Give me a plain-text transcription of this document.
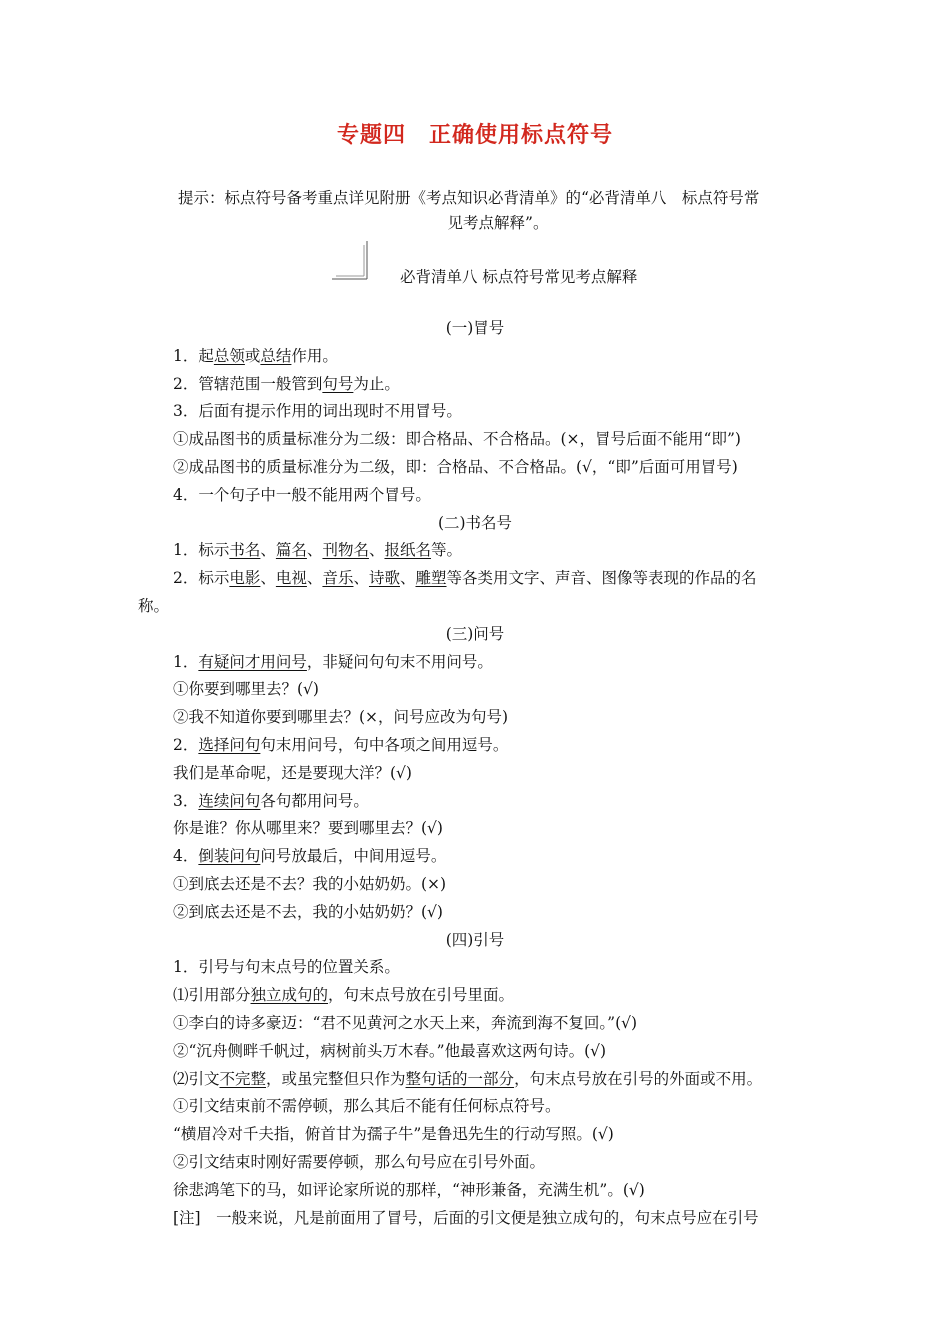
专题四　正确使用标点符号
提示：标点符号备考重点详见附册《考点知识必背清单》的“必背清单八　标点符号常
见考点解释”。
必背清单八 标点符号常见考点解释
(一)冒号
1．起总领或总结作用。
2．管辖范围一般管到句号为止。
3．后面有提示作用的词出现时不用冒号。
①成品图书的质量标准分为二级：即合格品、不合格品。(×，冒号后面不能用“即”)
②成品图书的质量标准分为二级，即：合格品、不合格品。(√，“即”后面可用冒号)
4．一个句子中一般不能用两个冒号。
(二)书名号
1．标示书名、篇名、刊物名、报纸名等。
2．标示电影、电视、音乐、诗歌、雕塑等各类用文字、声音、图像等表现的作品的名
称。
(三)问号
1．有疑问才用问号，非疑问句句末不用问号。
①你要到哪里去？(√)
②我不知道你要到哪里去？(×，问号应改为句号)
2．选择问句句末用问号，句中各项之间用逗号。
我们是革命呢，还是要现大洋？(√)
3．连续问句各句都用问号。
你是谁？你从哪里来？要到哪里去？(√)
4．倒装问句问号放最后，中间用逗号。
①到底去还是不去？我的小姑奶奶。(×)
②到底去还是不去，我的小姑奶奶？(√)
(四)引号
1．引号与句末点号的位置关系。
⑴引用部分独立成句的，句末点号放在引号里面。
①李白的诗多豪迈：“君不见黄河之水天上来，奔流到海不复回。”(√)
②“沉舟侧畔千帆过，病树前头万木春。”他最喜欢这两句诗。(√)
⑵引文不完整，或虽完整但只作为整句话的一部分，句末点号放在引号的外面或不用。
①引文结束前不需停顿，那么其后不能有任何标点符号。
“横眉冷对千夫指，俯首甘为孺子牛”是鲁迅先生的行动写照。(√)
②引文结束时刚好需要停顿，那么句号应在引号外面。
徐悲鸿笔下的马，如评论家所说的那样，“神形兼备，充满生机”。(√)
[注]　一般来说，凡是前面用了冒号，后面的引文便是独立成句的，句末点号应在引号
